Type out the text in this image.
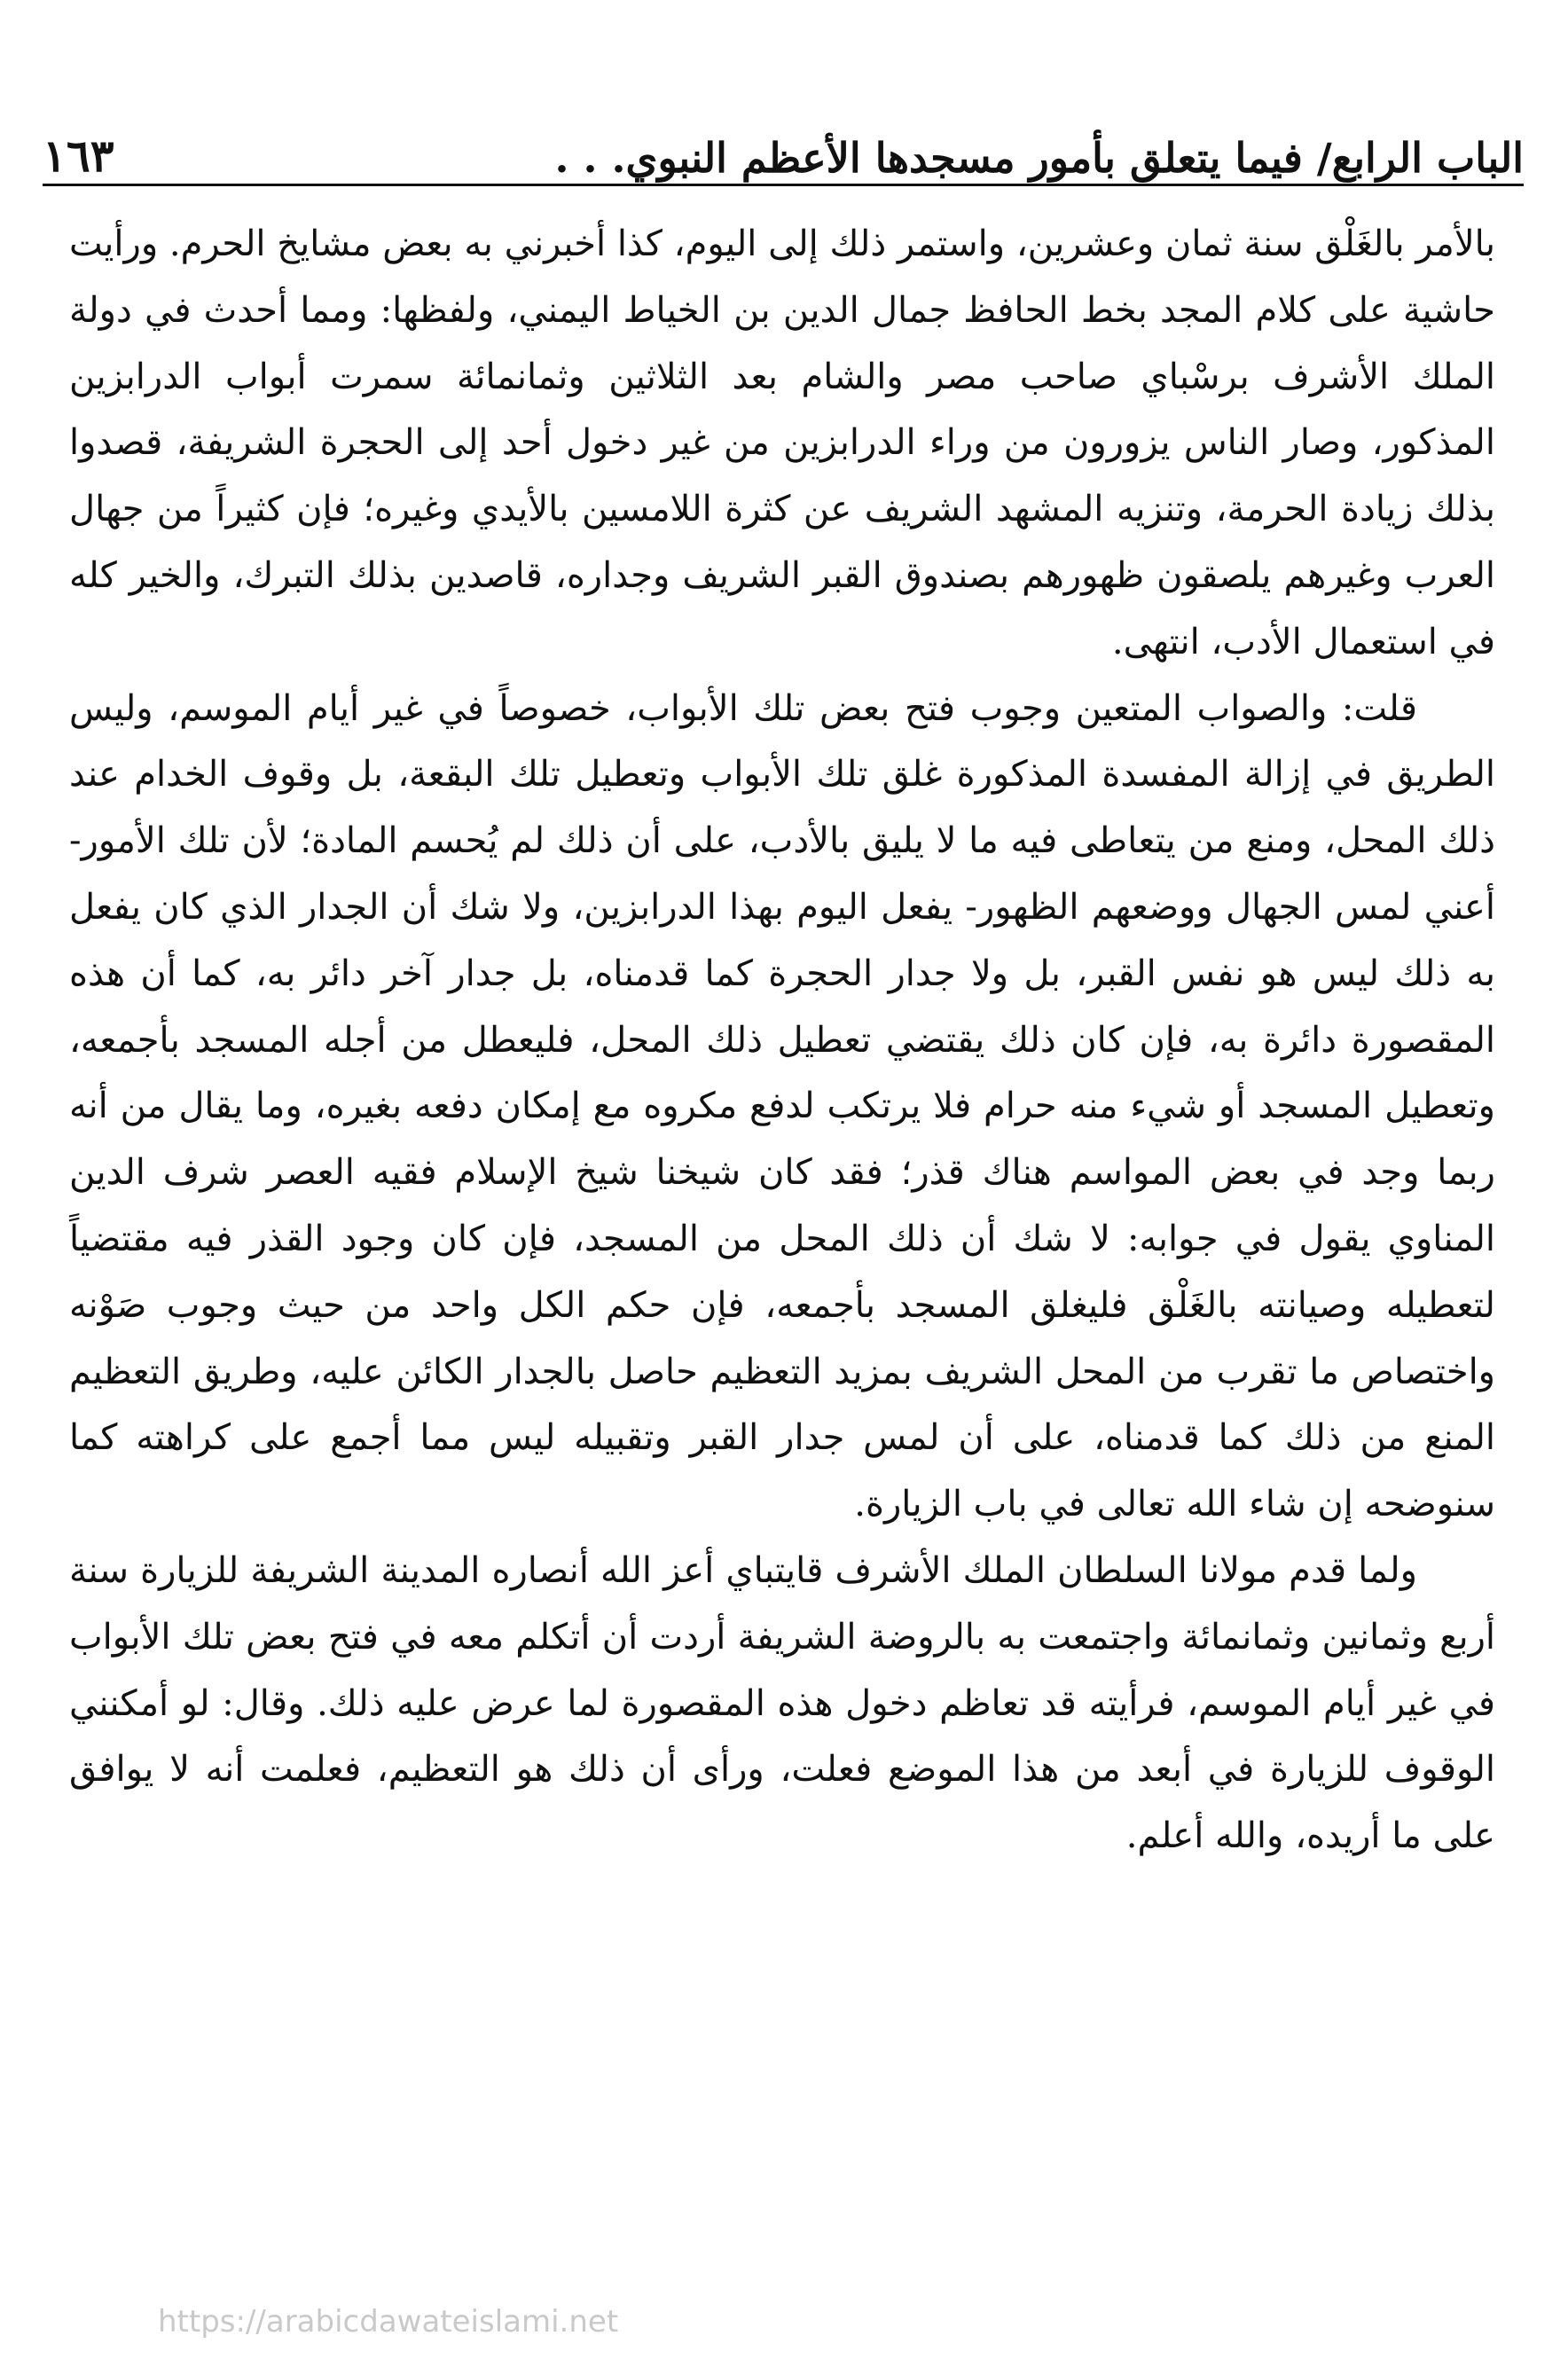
الباب الرابع/ فيما يتعلق بأمور مسجدها الأعظم النبوي. . .
١٦٣

بالأمر بالغَلْق سنة ثمان وعشرين، واستمر ذلك إلى اليوم، كذا أخبرني به بعض مشايخ الحرم. ورأيت حاشية على كلام المجد بخط الحافظ جمال الدين بن الخياط اليمني، ولفظها: ومما أحدث في دولة الملك الأشرف برسْباي صاحب مصر والشام بعد الثلاثين وثمانمائة سمرت أبواب الدرابزين المذكور، وصار الناس يزورون من وراء الدرابزين من غير دخول أحد إلى الحجرة الشريفة، قصدوا بذلك زيادة الحرمة، وتنزيه المشهد الشريف عن كثرة اللامسين بالأيدي وغيره؛ فإن كثيراً من جهال العرب وغيرهم يلصقون ظهورهم بصندوق القبر الشريف وجداره، قاصدين بذلك التبرك، والخير كله في استعمال الأدب، انتهى.

قلت: والصواب المتعين وجوب فتح بعض تلك الأبواب، خصوصاً في غير أيام الموسم، وليس الطريق في إزالة المفسدة المذكورة غلق تلك الأبواب وتعطيل تلك البقعة، بل وقوف الخدام عند ذلك المحل، ومنع من يتعاطى فيه ما لا يليق بالأدب، على أن ذلك لم يُحسم المادة؛ لأن تلك الأمور- أعني لمس الجهال ووضعهم الظهور- يفعل اليوم بهذا الدرابزين، ولا شك أن الجدار الذي كان يفعل به ذلك ليس هو نفس القبر، بل ولا جدار الحجرة كما قدمناه، بل جدار آخر دائر به، كما أن هذه المقصورة دائرة به، فإن كان ذلك يقتضي تعطيل ذلك المحل، فليعطل من أجله المسجد بأجمعه، وتعطيل المسجد أو شيء منه حرام فلا يرتكب لدفع مكروه مع إمكان دفعه بغيره، وما يقال من أنه ربما وجد في بعض المواسم هناك قذر؛ فقد كان شيخنا شيخ الإسلام فقيه العصر شرف الدين المناوي يقول في جوابه: لا شك أن ذلك المحل من المسجد، فإن كان وجود القذر فيه مقتضياً لتعطيله وصيانته بالغَلْق فليغلق المسجد بأجمعه، فإن حكم الكل واحد من حيث وجوب صَوْنه واختصاص ما تقرب من المحل الشريف بمزيد التعظيم حاصل بالجدار الكائن عليه، وطريق التعظيم المنع من ذلك كما قدمناه، على أن لمس جدار القبر وتقبيله ليس مما أجمع على كراهته كما سنوضحه إن شاء الله تعالى في باب الزيارة.

ولما قدم مولانا السلطان الملك الأشرف قايتباي أعز الله أنصاره المدينة الشريفة للزيارة سنة أربع وثمانين وثمانمائة واجتمعت به بالروضة الشريفة أردت أن أتكلم معه في فتح بعض تلك الأبواب في غير أيام الموسم، فرأيته قد تعاظم دخول هذه المقصورة لما عرض عليه ذلك. وقال: لو أمكنني الوقوف للزيارة في أبعد من هذا الموضع فعلت، ورأى أن ذلك هو التعظيم، فعلمت أنه لا يوافق على ما أريده، والله أعلم.

https://arabicdawateislami.net
